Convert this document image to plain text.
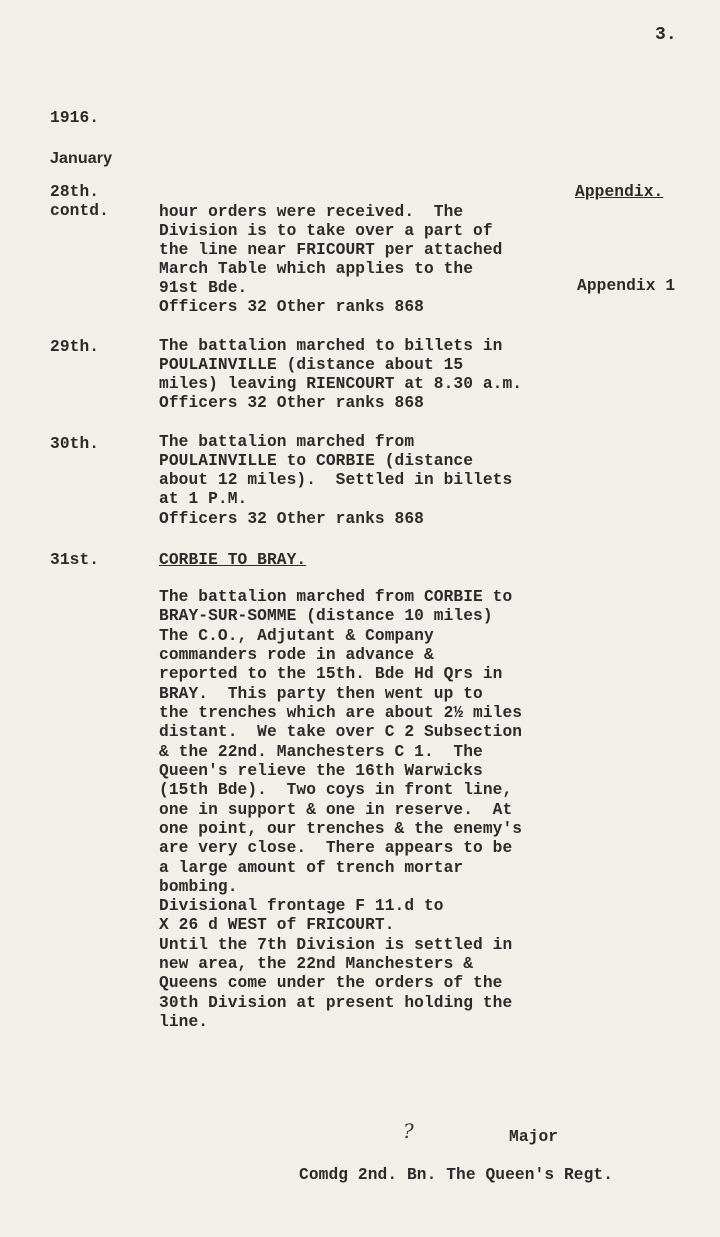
3.
1916.
January
Appendix.
28th.
contd.	hour orders were received.  The
Division is to take over a part of
the line near FRICOURT per attached
March Table which applies to the
91st Bde.
Officers 32 Other ranks 868
Appendix 1
29th.	The battalion marched to billets in
POULAINVILLE (distance about 15
miles) leaving RIENCOURT at 8.30 a.m.
Officers 32 Other ranks 868
30th.	The battalion marched from
POULAINVILLE to CORBIE (distance
about 12 miles).  Settled in billets
at 1 P.M.
Officers 32 Other ranks 868
31st.	CORBIE TO BRAY.
The battalion marched from CORBIE to
BRAY-SUR-SOMME (distance 10 miles)
The C.O., Adjutant & Company
commanders rode in advance &
reported to the 15th. Bde Hd Qrs in
BRAY.  This party then went up to
the trenches which are about 2½ miles
distant.  We take over C 2 Subsection
& the 22nd. Manchesters C 1.  The
Queen's relieve the 16th Warwicks
(15th Bde).  Two coys in front line,
one in support & one in reserve.  At
one point, our trenches & the enemy's
are very close.  There appears to be
a large amount of trench mortar
bombing.
Divisional frontage F 11.d to
X 26 d WEST of FRICOURT.
Until the 7th Division is settled in
new area, the 22nd Manchesters &
Queens come under the orders of the
30th Division at present holding the
line.
?	Major
Comdg 2nd. Bn. The Queen's Regt.
